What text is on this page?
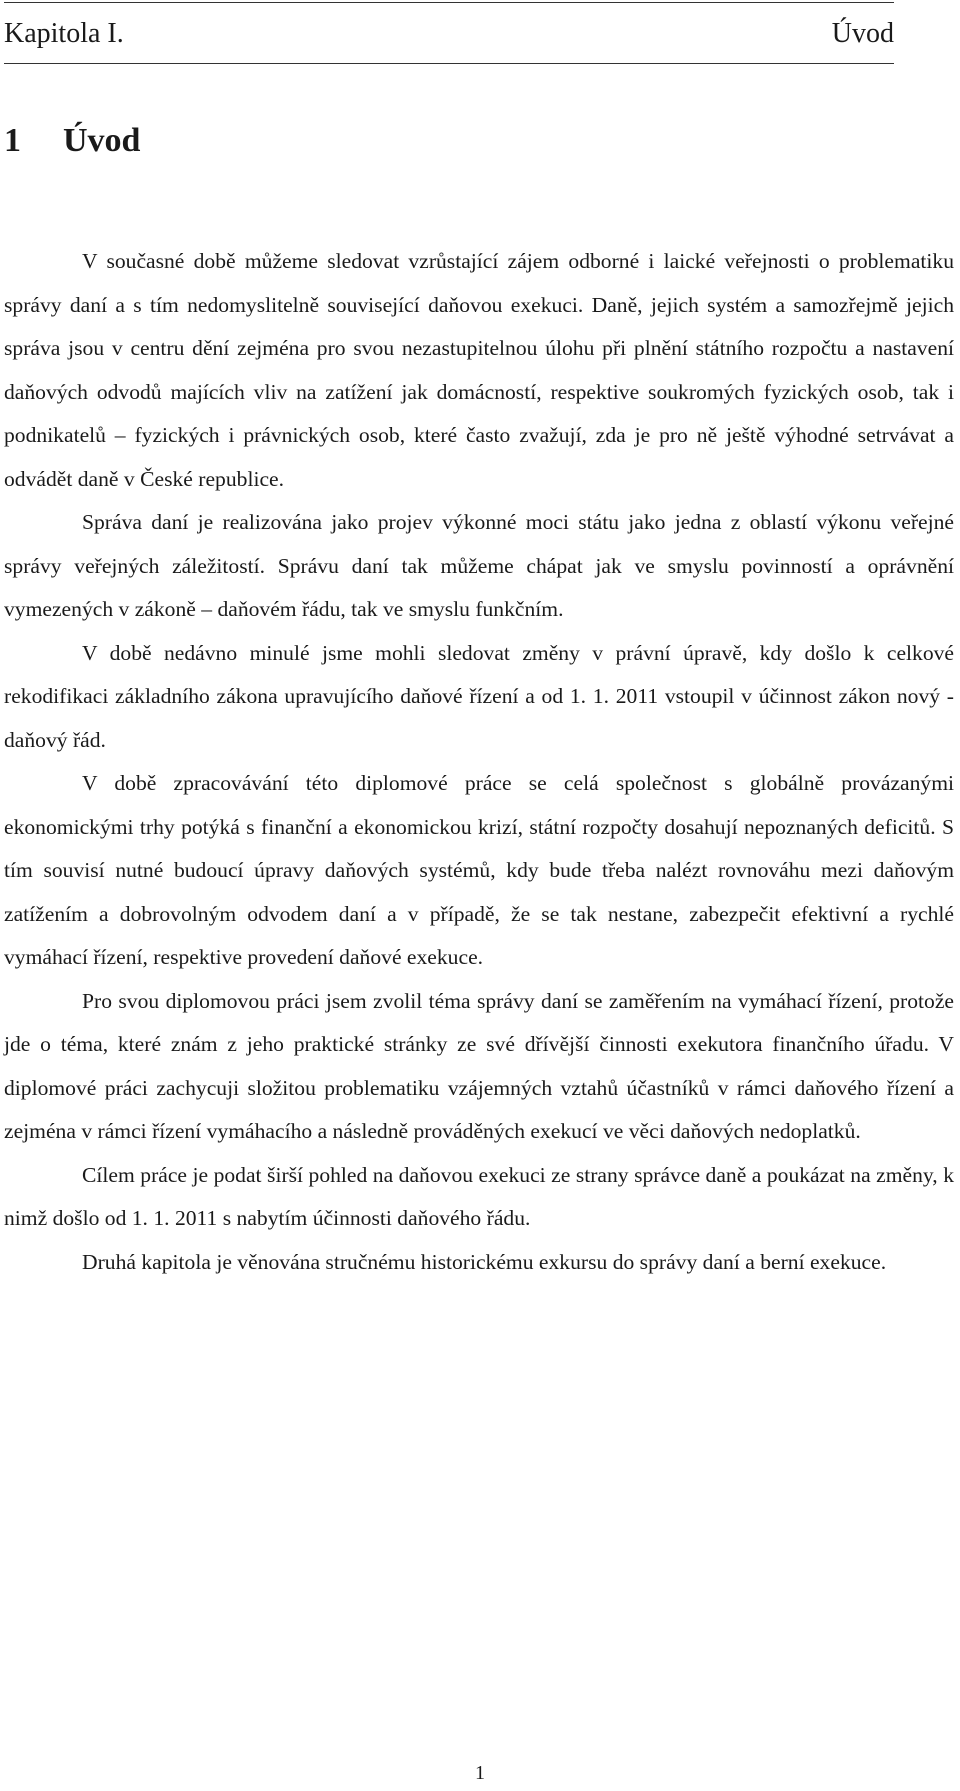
Kapitola I.	Úvod
1 Úvod

V současné době můžeme sledovat vzrůstající zájem odborné i laické veřejnosti o problematiku správy daní a s tím nedomyslitelně související daňovou exekuci. Daně, jejich systém a samozřejmě jejich správa jsou v centru dění zejména pro svou nezastupitelnou úlohu při plnění státního rozpočtu a nastavení daňových odvodů majících vliv na zatížení jak domácností, respektive soukromých fyzických osob, tak i podnikatelů – fyzických i právnických osob, které často zvažují, zda je pro ně ještě výhodné setrvávat a odvádět daně v České republice.

Správa daní je realizována jako projev výkonné moci státu jako jedna z oblastí výkonu veřejné správy veřejných záležitostí. Správu daní tak můžeme chápat jak ve smyslu povinností a oprávnění vymezených v zákoně – daňovém řádu, tak ve smyslu funkčním.

V době nedávno minulé jsme mohli sledovat změny v právní úpravě, kdy došlo k celkové rekodifikaci základního zákona upravujícího daňové řízení a od 1. 1. 2011 vstoupil v účinnost zákon nový - daňový řád.

V době zpracovávání této diplomové práce se celá společnost s globálně provázanými ekonomickými trhy potýká s finanční a ekonomickou krizí, státní rozpočty dosahují nepoznaných deficitů. S tím souvisí nutné budoucí úpravy daňových systémů, kdy bude třeba nalézt rovnováhu mezi daňovým zatížením a dobrovolným odvodem daní a v případě, že se tak nestane, zabezpečit efektivní a rychlé vymáhací řízení, respektive provedení daňové exekuce.

Pro svou diplomovou práci jsem zvolil téma správy daní se zaměřením na vymáhací řízení, protože jde o téma, které znám z jeho praktické stránky ze své dřívější činnosti exekutora finančního úřadu. V diplomové práci zachycuji složitou problematiku vzájemných vztahů účastníků v rámci daňového řízení a zejména v rámci řízení vymáhacího a následně prováděných exekucí ve věci daňových nedoplatků.

Cílem práce je podat širší pohled na daňovou exekuci ze strany správce daně a poukázat na změny, k nimž došlo od 1. 1. 2011 s nabytím účinnosti daňového řádu.

Druhá kapitola je věnována stručnému historickému exkursu do správy daní a berní exekuce.

1
